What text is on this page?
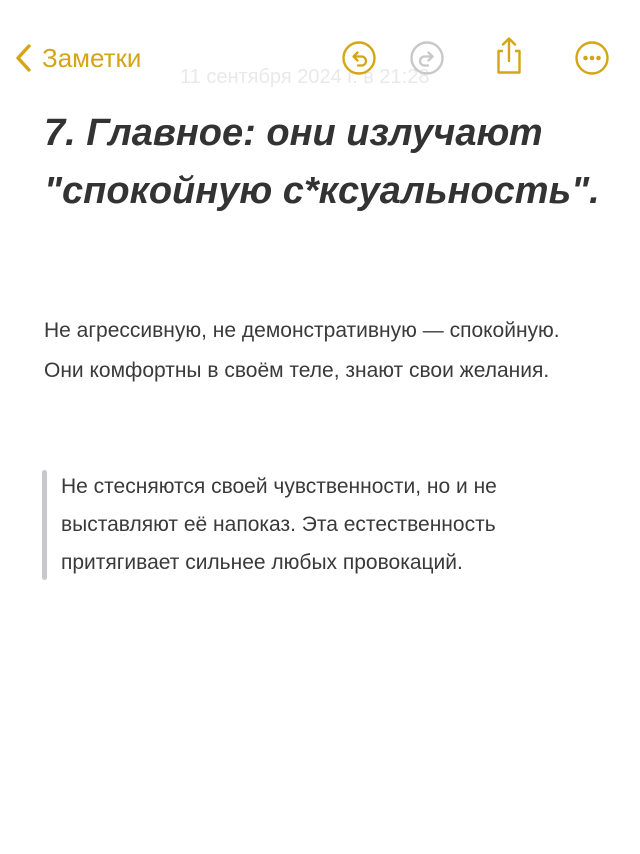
Заметки
11 сентября 2024 г. в 21:28
7. Главное: они излучают "спокойную с*ксуальность".

Не агрессивную, не демонстративную — спокойную. Они комфортны в своём теле, знают свои желания.

Не стесняются своей чувственности, но и не выставляют её напоказ. Эта естественность притягивает сильнее любых провокаций.
